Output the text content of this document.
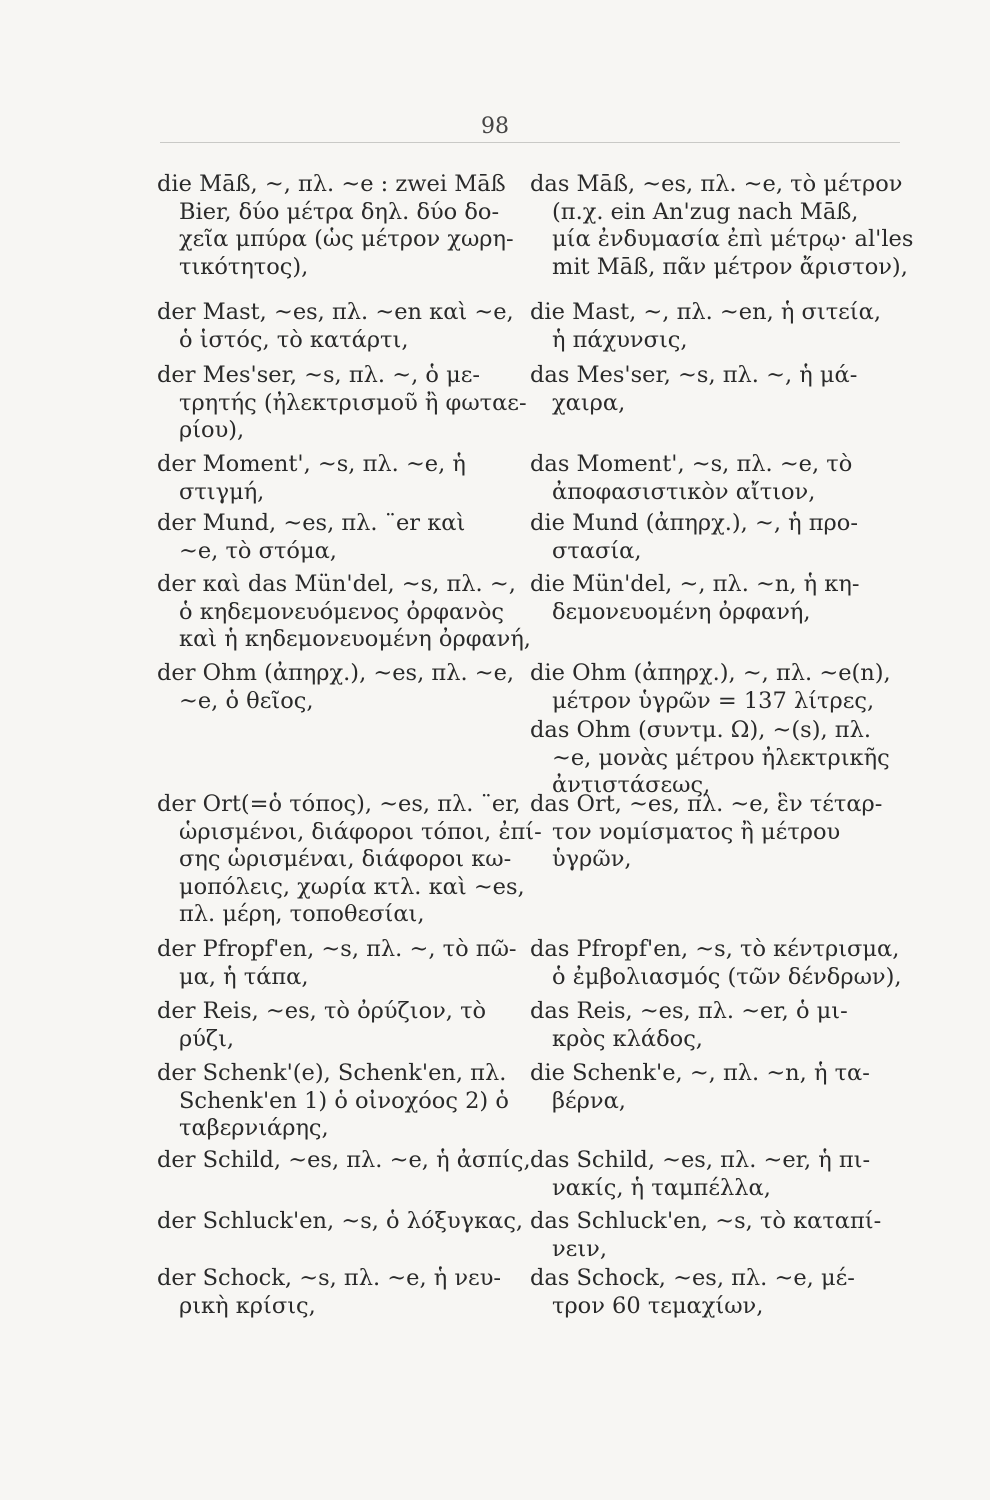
98
die Māß, ~, πλ. ~e : zwei Māß
Bier, δύο μέτρα δηλ. δύο δο-
χεῖα μπύρα (ὡς μέτρον χωρη-
τικότητος),
der Mast, ~es, πλ. ~en καὶ ~e,
ὁ ἱστός, τὸ κατάρτι,
der Mes'ser, ~s, πλ. ~, ὁ με-
τρητής (ἠλεκτρισμοῦ ἢ φωταε-
ρίου),
der Moment', ~s, πλ. ~e, ἡ
στιγμή,
der Mund, ~es, πλ. ¨er καὶ
~e, τὸ στόμα,
der καὶ das Mün'del, ~s, πλ. ~,
ὁ κηδεμονευόμενος ὀρφανὸς
καὶ ἡ κηδεμονευομένη ὀρφανή,
der Ohm (ἀπηρχ.), ~es, πλ. ~e,
~e, ὁ θεῖος,
der Ort(=ὁ τόπος), ~es, πλ. ¨er,
ὡρισμένοι, διάφοροι τόποι, ἐπί-
σης ὡρισμέναι, διάφοροι κω-
μοπόλεις, χωρία κτλ. καὶ ~es,
πλ. μέρη, τοποθεσίαι,
der Pfropf'en, ~s, πλ. ~, τὸ πῶ-
μα, ἡ τάπα,
der Reis, ~es, τὸ ὀρύζιον, τὸ
ρύζι,
der Schenk'(e), Schenk'en, πλ.
Schenk'en 1) ὁ οἰνοχόος 2) ὁ
ταβερνιάρης,
der Schild, ~es, πλ. ~e, ἡ ἀσπίς,
der Schluck'en, ~s, ὁ λόξυγκας,
der Schock, ~s, πλ. ~e, ἡ νευ-
ρικὴ κρίσις,
das Māß, ~es, πλ. ~e, τὸ μέτρον
(π.χ. ein An'zug nach Māß,
μία ἐνδυμασία ἐπὶ μέτρῳ· al'les
mit Māß, πᾶν μέτρον ἄριστον),
die Mast, ~, πλ. ~en, ἡ σιτεία,
ἡ πάχυνσις,
das Mes'ser, ~s, πλ. ~, ἡ μά-
χαιρα,
das Moment', ~s, πλ. ~e, τὸ
ἀποφασιστικὸν αἴτιον,
die Mund (ἀπηρχ.), ~, ἡ προ-
στασία,
die Mün'del, ~, πλ. ~n, ἡ κη-
δεμονευομένη ὀρφανή,
die Ohm (ἀπηρχ.), ~, πλ. ~e(n),
μέτρον ὑγρῶν = 137 λίτρες,
das Ohm (συντμ. Ω), ~(s), πλ.
~e, μονὰς μέτρου ἠλεκτρικῆς
ἀντιστάσεως,
das Ort, ~es, πλ. ~e, ἓν τέταρ-
τον νομίσματος ἢ μέτρου
ὑγρῶν,
das Pfropf'en, ~s, τὸ κέντρισμα,
ὁ ἐμβολιασμός (τῶν δένδρων),
das Reis, ~es, πλ. ~er, ὁ μι-
κρὸς κλάδος,
die Schenk'e, ~, πλ. ~n, ἡ τα-
βέρνα,
das Schild, ~es, πλ. ~er, ἡ πι-
νακίς, ἡ ταμπέλλα,
das Schluck'en, ~s, τὸ καταπί-
νειν,
das Schock, ~es, πλ. ~e, μέ-
τρον 60 τεμαχίων,
